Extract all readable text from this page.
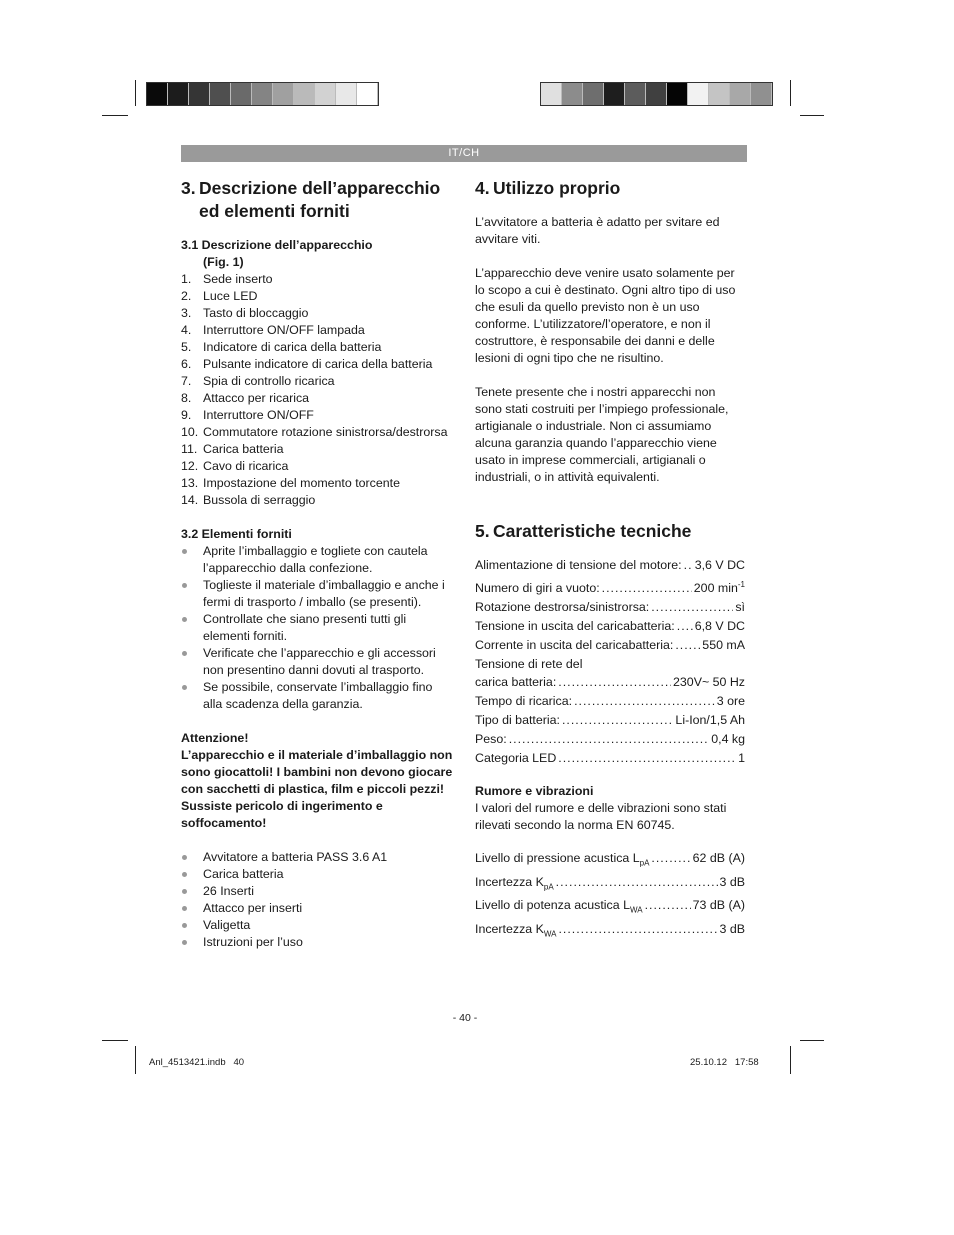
IT/CH
3. Descrizione dell’apparecchio
ed elementi forniti
3.1 Descrizione dell’apparecchio
(Fig. 1)
1. Sede inserto
2. Luce LED
3. Tasto di bloccaggio
4. Interruttore ON/OFF lampada
5. Indicatore di carica della batteria
6. Pulsante indicatore di carica della batteria
7. Spia di controllo ricarica
8. Attacco per ricarica
9. Interruttore ON/OFF
10. Commutatore rotazione sinistrorsa/destrorsa
11. Carica batteria
12. Cavo di ricarica
13. Impostazione del momento torcente
14. Bussola di serraggio
3.2 Elementi forniti
Aprite l’imballaggio e togliete con cautela l’apparecchio dalla confezione.
Toglieste il materiale d’imballaggio e anche i fermi di trasporto / imballo (se presenti).
Controllate che siano presenti tutti gli elementi forniti.
Verificate che l’apparecchio e gli accessori non presentino danni dovuti al trasporto.
Se possibile, conservate l’imballaggio fino alla scadenza della garanzia.
Attenzione!
L’apparecchio e il materiale d’imballaggio non sono giocattoli! I bambini non devono giocare con sacchetti di plastica, film e piccoli pezzi! Sussiste pericolo di ingerimento e soffocamento!
Avvitatore a batteria PASS 3.6 A1
Carica batteria
26 Inserti
Attacco per inserti
Valigetta
Istruzioni per l’uso
4. Utilizzo proprio

L’avvitatore a batteria è adatto per svitare ed avvitare viti.

L’apparecchio deve venire usato solamente per lo scopo a cui è destinato. Ogni altro tipo di uso che esuli da quello previsto non è un uso conforme. L’utilizzatore/l’operatore, e non il costruttore, è responsabile dei danni e delle lesioni di ogni tipo che ne risultino.

Tenete presente che i nostri apparecchi non sono stati costruiti per l’impiego professionale, artigianale o industriale. Non ci assumiamo alcuna garanzia quando l’apparecchio viene usato in imprese commerciali, artigianali o industriali, o in attività equivalenti.

5. Caratteristiche tecniche
Alimentazione di tensione del motore: ..... 3,6 V DC
Numero di giri a vuoto: .....	200 $\min^{-1}$
Rotazione destrorsa/sinistrorsa: .....	sì
Tensione in uscita del caricabatteria: ..... 6,8 V DC
Corrente in uscita del caricabatteria: ..... 550 mA
Tensione di rete del
carica batteria: .....	230V~ 50 Hz
Tempo di ricarica: .....	3 ore
Tipo di batteria: .....	Li-Ion/1,5 Ah
Peso: .....	0,4 kg
Categoria LED .....	1
Rumore e vibrazioni

I valori del rumore e delle vibrazioni sono stati rilevati secondo la norma EN 60745.

Livello di pressione acustica $L_{pA}$ .....	62 dB (A)
Incertezza $K_{pA}$ .....	3 dB
Livello di potenza acustica $L_{WA}$ .....	73 dB (A)
Incertezza $K_{WA}$ .....	3 dB
- 40 -
Anl_4513421.indb   40	25.10.12   17:58
